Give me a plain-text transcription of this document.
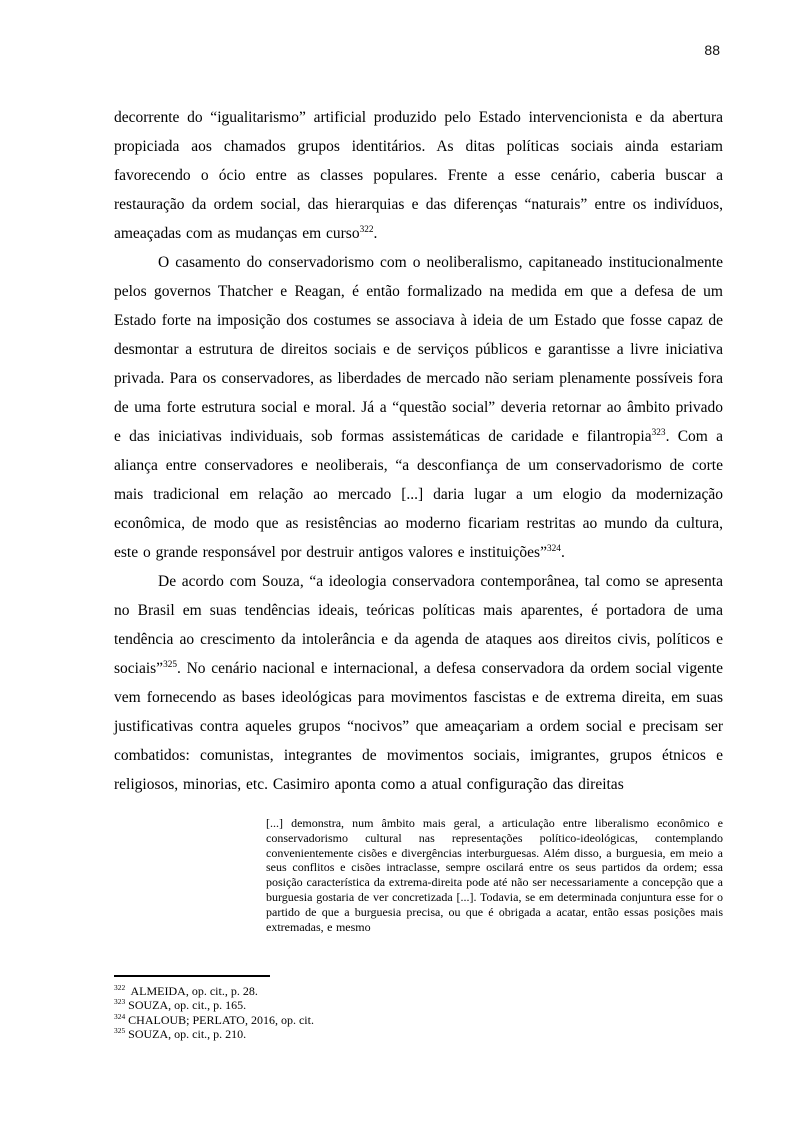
88

decorrente do “igualitarismo” artificial produzido pelo Estado intervencionista e da abertura propiciada aos chamados grupos identitários. As ditas políticas sociais ainda estariam favorecendo o ócio entre as classes populares. Frente a esse cenário, caberia buscar a restauração da ordem social, das hierarquias e das diferenças “naturais” entre os indivíduos, ameaçadas com as mudanças em curso$^{322}$.

O casamento do conservadorismo com o neoliberalismo, capitaneado institucionalmente pelos governos Thatcher e Reagan, é então formalizado na medida em que a defesa de um Estado forte na imposição dos costumes se associava à ideia de um Estado que fosse capaz de desmontar a estrutura de direitos sociais e de serviços públicos e garantisse a livre iniciativa privada. Para os conservadores, as liberdades de mercado não seriam plenamente possíveis fora de uma forte estrutura social e moral. Já a “questão social” deveria retornar ao âmbito privado e das iniciativas individuais, sob formas assistemáticas de caridade e filantropia$^{323}$. Com a aliança entre conservadores e neoliberais, “a desconfiança de um conservadorismo de corte mais tradicional em relação ao mercado [...] daria lugar a um elogio da modernização econômica, de modo que as resistências ao moderno ficariam restritas ao mundo da cultura, este o grande responsável por destruir antigos valores e instituições”$^{324}$.

De acordo com Souza, “a ideologia conservadora contemporânea, tal como se apresenta no Brasil em suas tendências ideais, teóricas políticas mais aparentes, é portadora de uma tendência ao crescimento da intolerância e da agenda de ataques aos direitos civis, políticos e sociais”$^{325}$. No cenário nacional e internacional, a defesa conservadora da ordem social vigente vem fornecendo as bases ideológicas para movimentos fascistas e de extrema direita, em suas justificativas contra aqueles grupos “nocivos” que ameaçariam a ordem social e precisam ser combatidos: comunistas, integrantes de movimentos sociais, imigrantes, grupos étnicos e religiosos, minorias, etc. Casimiro aponta como a atual configuração das direitas

[...] demonstra, num âmbito mais geral, a articulação entre liberalismo econômico e conservadorismo cultural nas representações político-ideológicas, contemplando convenientemente cisões e divergências interburguesas. Além disso, a burguesia, em meio a seus conflitos e cisões intraclasse, sempre oscilará entre os seus partidos da ordem; essa posição característica da extrema-direita pode até não ser necessariamente a concepção que a burguesia gostaria de ver concretizada [...]. Todavia, se em determinada conjuntura esse for o partido de que a burguesia precisa, ou que é obrigada a acatar, então essas posições mais extremadas, e mesmo
$^{322}$  ALMEIDA, op. cit., p. 28.
$^{323}$ SOUZA, op. cit., p. 165.
$^{324}$ CHALOUB; PERLATO, 2016, op. cit.
$^{325}$ SOUZA, op. cit., p. 210.
